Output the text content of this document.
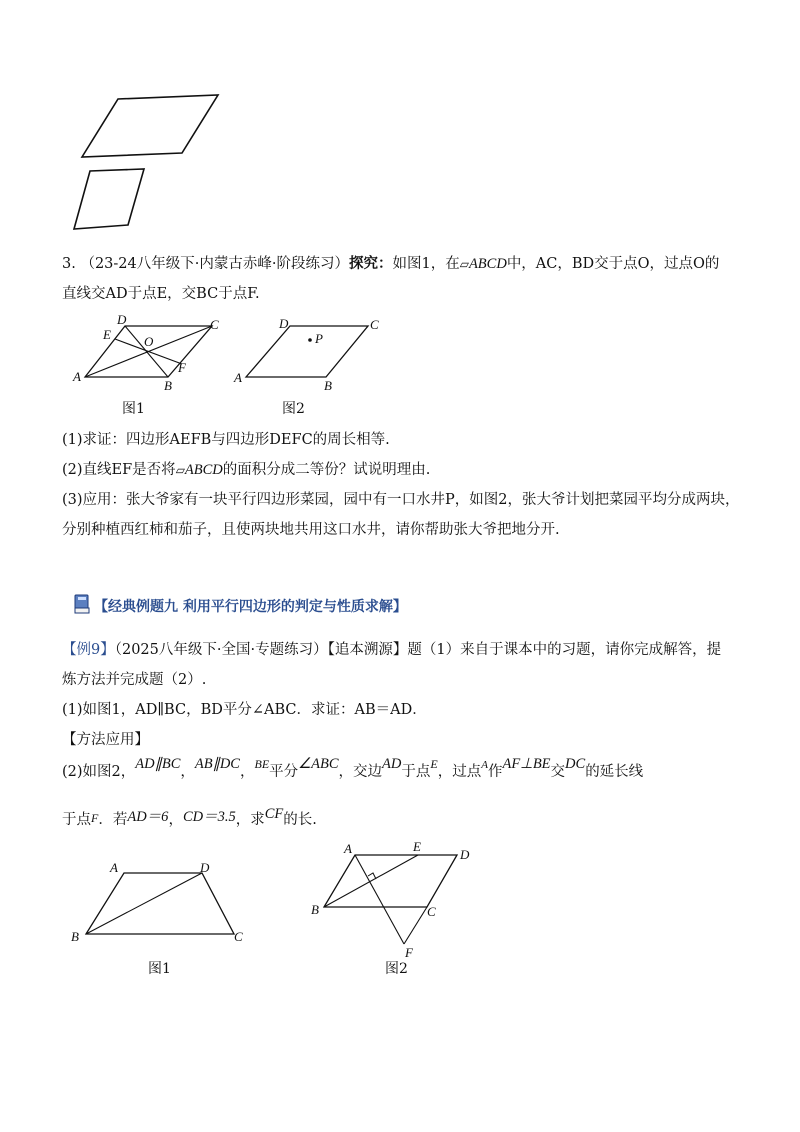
3. （23-24八年级下·内蒙古赤峰·阶段练习）探究：如图1，在▱ABCD中，AC，BD交于点O，过点O的
直线交AD于点E，交BC于点F.
D	C
E	O
F
A
B
图1
D	C
P
A
B
图2
(1)求证：四边形AEFB与四边形DEFC的周长相等.
(2)直线EF是否将▱ABCD的面积分成二等份？试说明理由.
(3)应用：张大爷家有一块平行四边形菜园，园中有一口水井P，如图2，张大爷计划把菜园平均分成两块，
分别种植西红柿和茄子，且使两块地共用这口水井，请你帮助张大爷把地分开.
【经典例题九 利用平行四边形的判定与性质求解】
【例9】（2025八年级下·全国·专题练习）【追本溯源】题（1）来自于课本中的习题，请你完成解答，提
炼方法并完成题（2）.
(1)如图1，AD∥BC，BD平分∠ABC．求证：AB＝AD．
【方法应用】
(2)如图2，AD∥BC，AB∥DC，$^{BE}$平分∠ABC，交边AD于点$^E$，过点$^A$作AF⊥BE交DC的延长线
于点F．若AD＝6，CD＝3.5，求CF的长.
A	D
B	C
图1
A	E
D
B	C
F
图2
